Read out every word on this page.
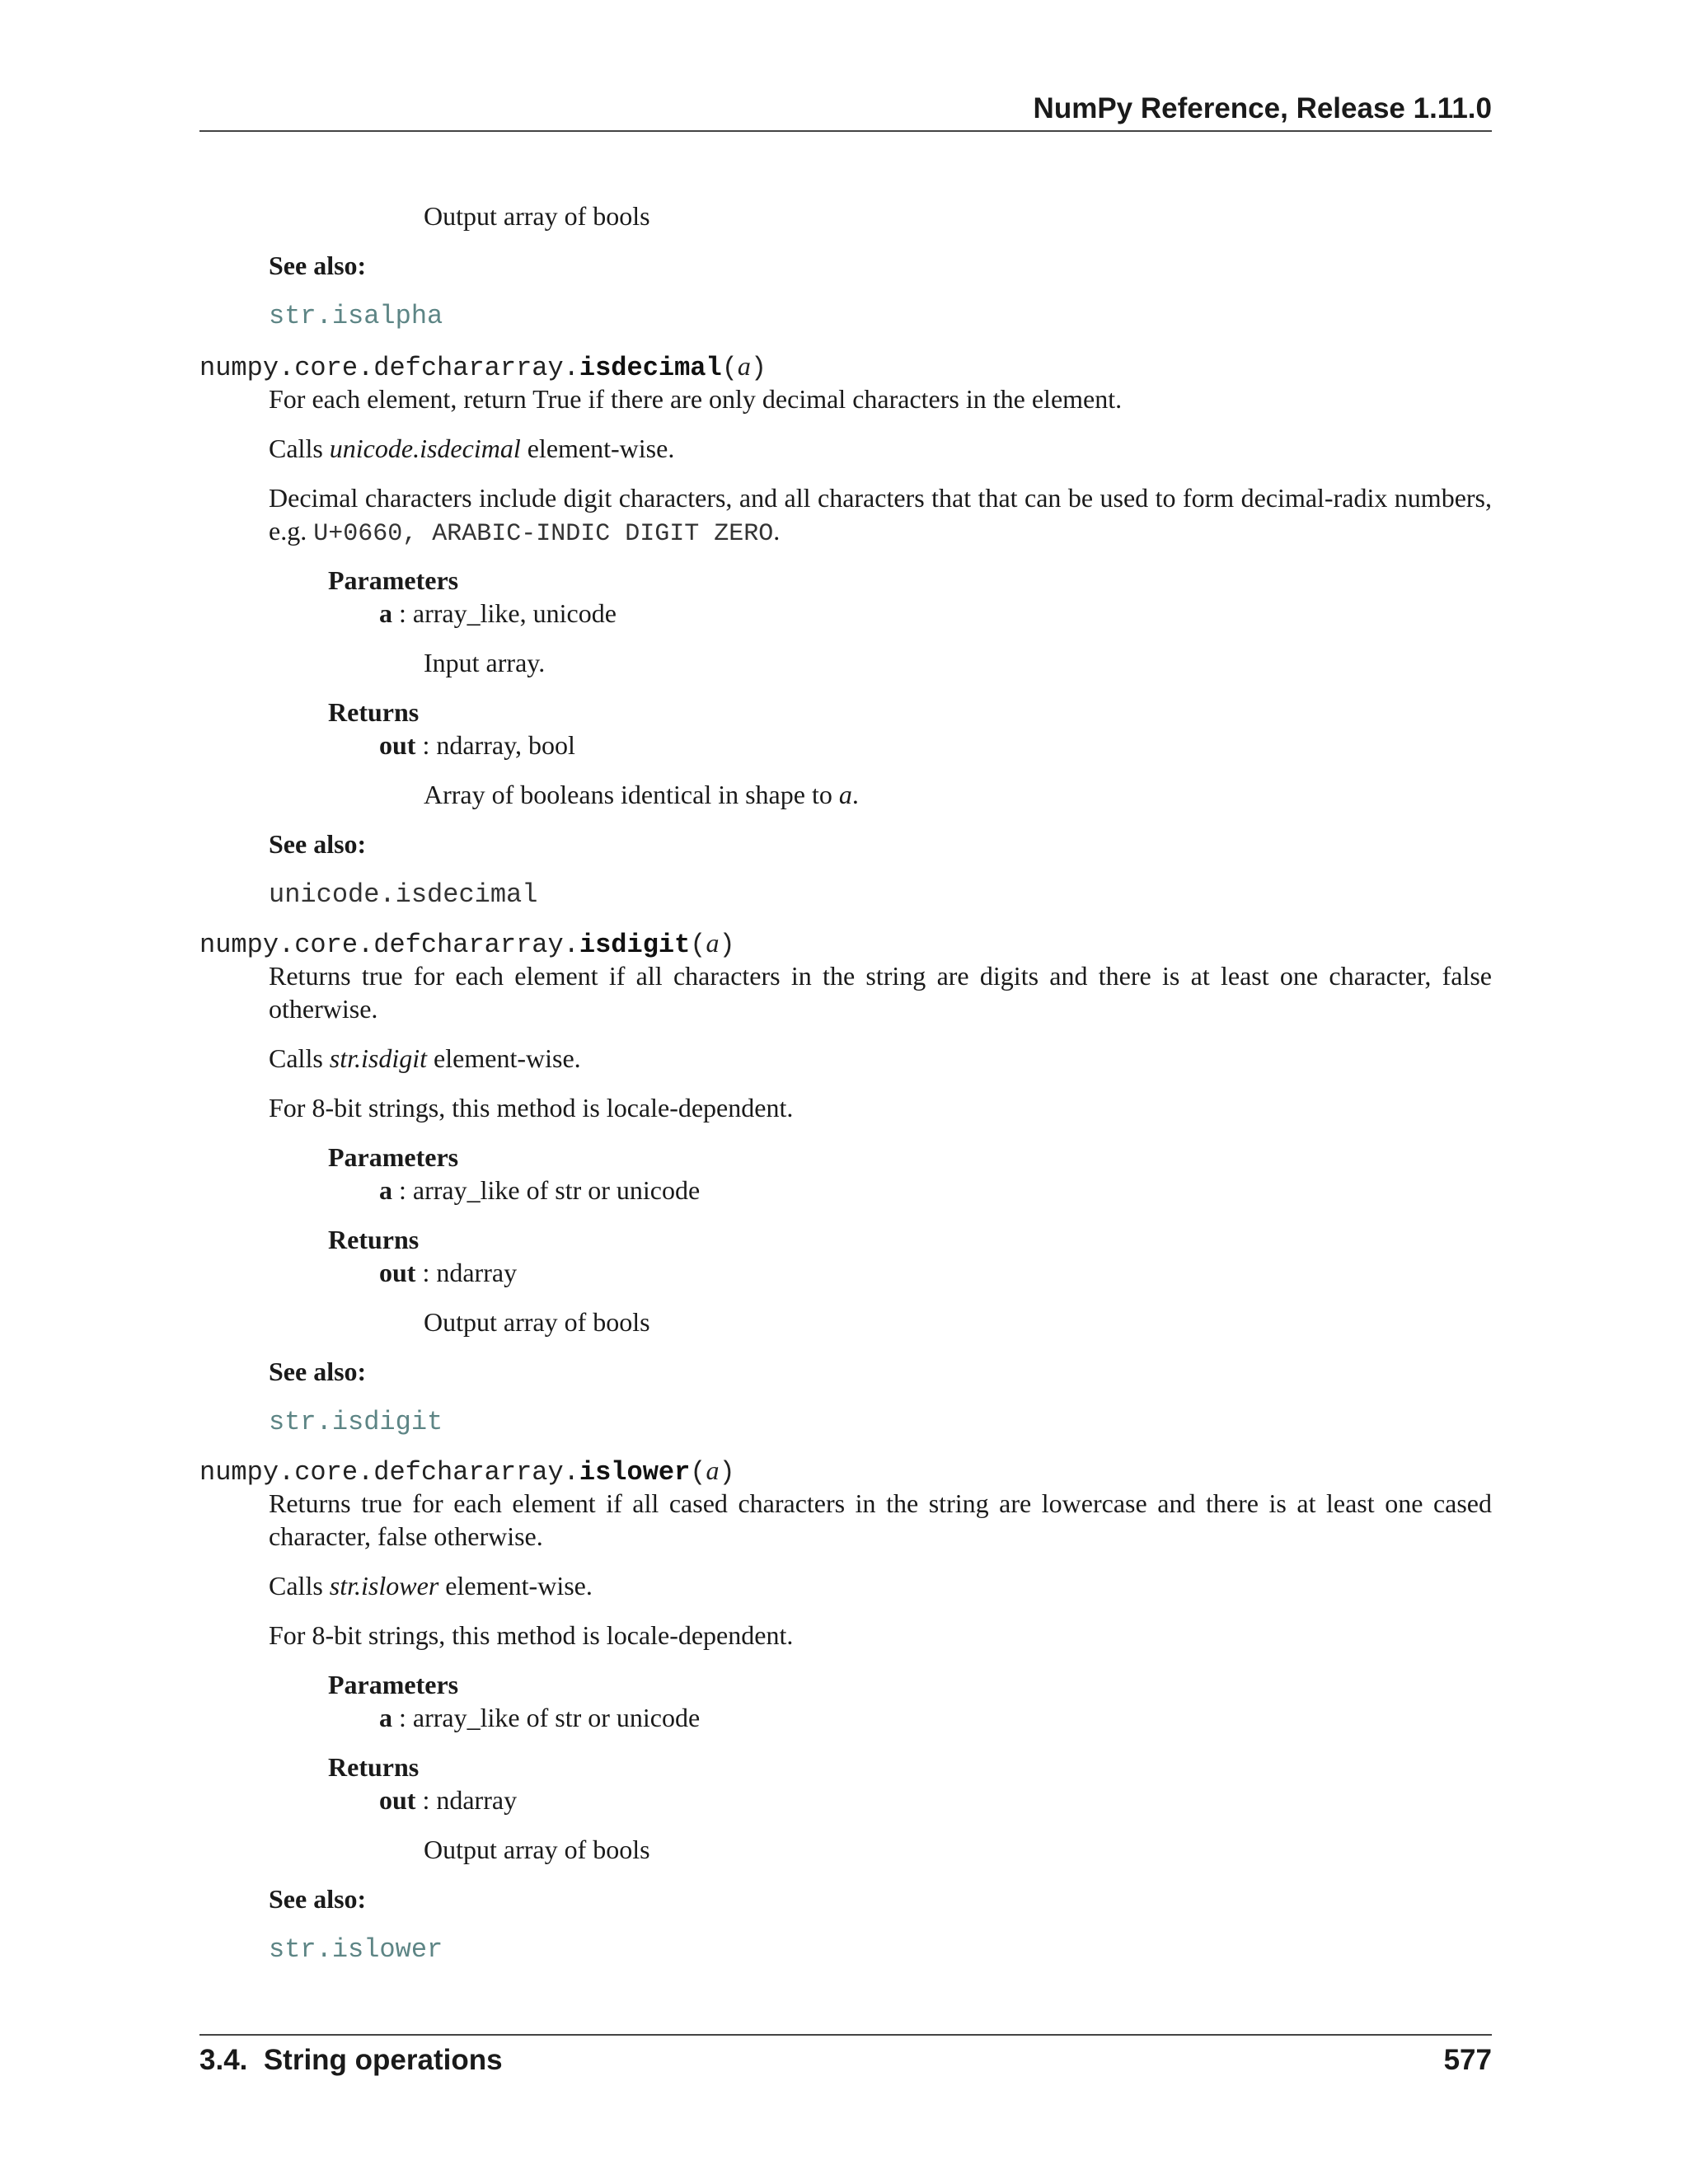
NumPy Reference, Release 1.11.0
Output array of bools
See also:
str.isalpha
numpy.core.defchararray.isdecimal(a)
For each element, return True if there are only decimal characters in the element.
Calls unicode.isdecimal element-wise.
Decimal characters include digit characters, and all characters that that can be used to form decimal-radix numbers, e.g. U+0660, ARABIC-INDIC DIGIT ZERO.
Parameters
a : array_like, unicode
Input array.
Returns
out : ndarray, bool
Array of booleans identical in shape to a.
See also:
unicode.isdecimal
numpy.core.defchararray.isdigit(a)
Returns true for each element if all characters in the string are digits and there is at least one character, false otherwise.
Calls str.isdigit element-wise.
For 8-bit strings, this method is locale-dependent.
Parameters
a : array_like of str or unicode
Returns
out : ndarray
Output array of bools
See also:
str.isdigit
numpy.core.defchararray.islower(a)
Returns true for each element if all cased characters in the string are lowercase and there is at least one cased character, false otherwise.
Calls str.islower element-wise.
For 8-bit strings, this method is locale-dependent.
Parameters
a : array_like of str or unicode
Returns
out : ndarray
Output array of bools
See also:
str.islower
3.4.  String operations	577
